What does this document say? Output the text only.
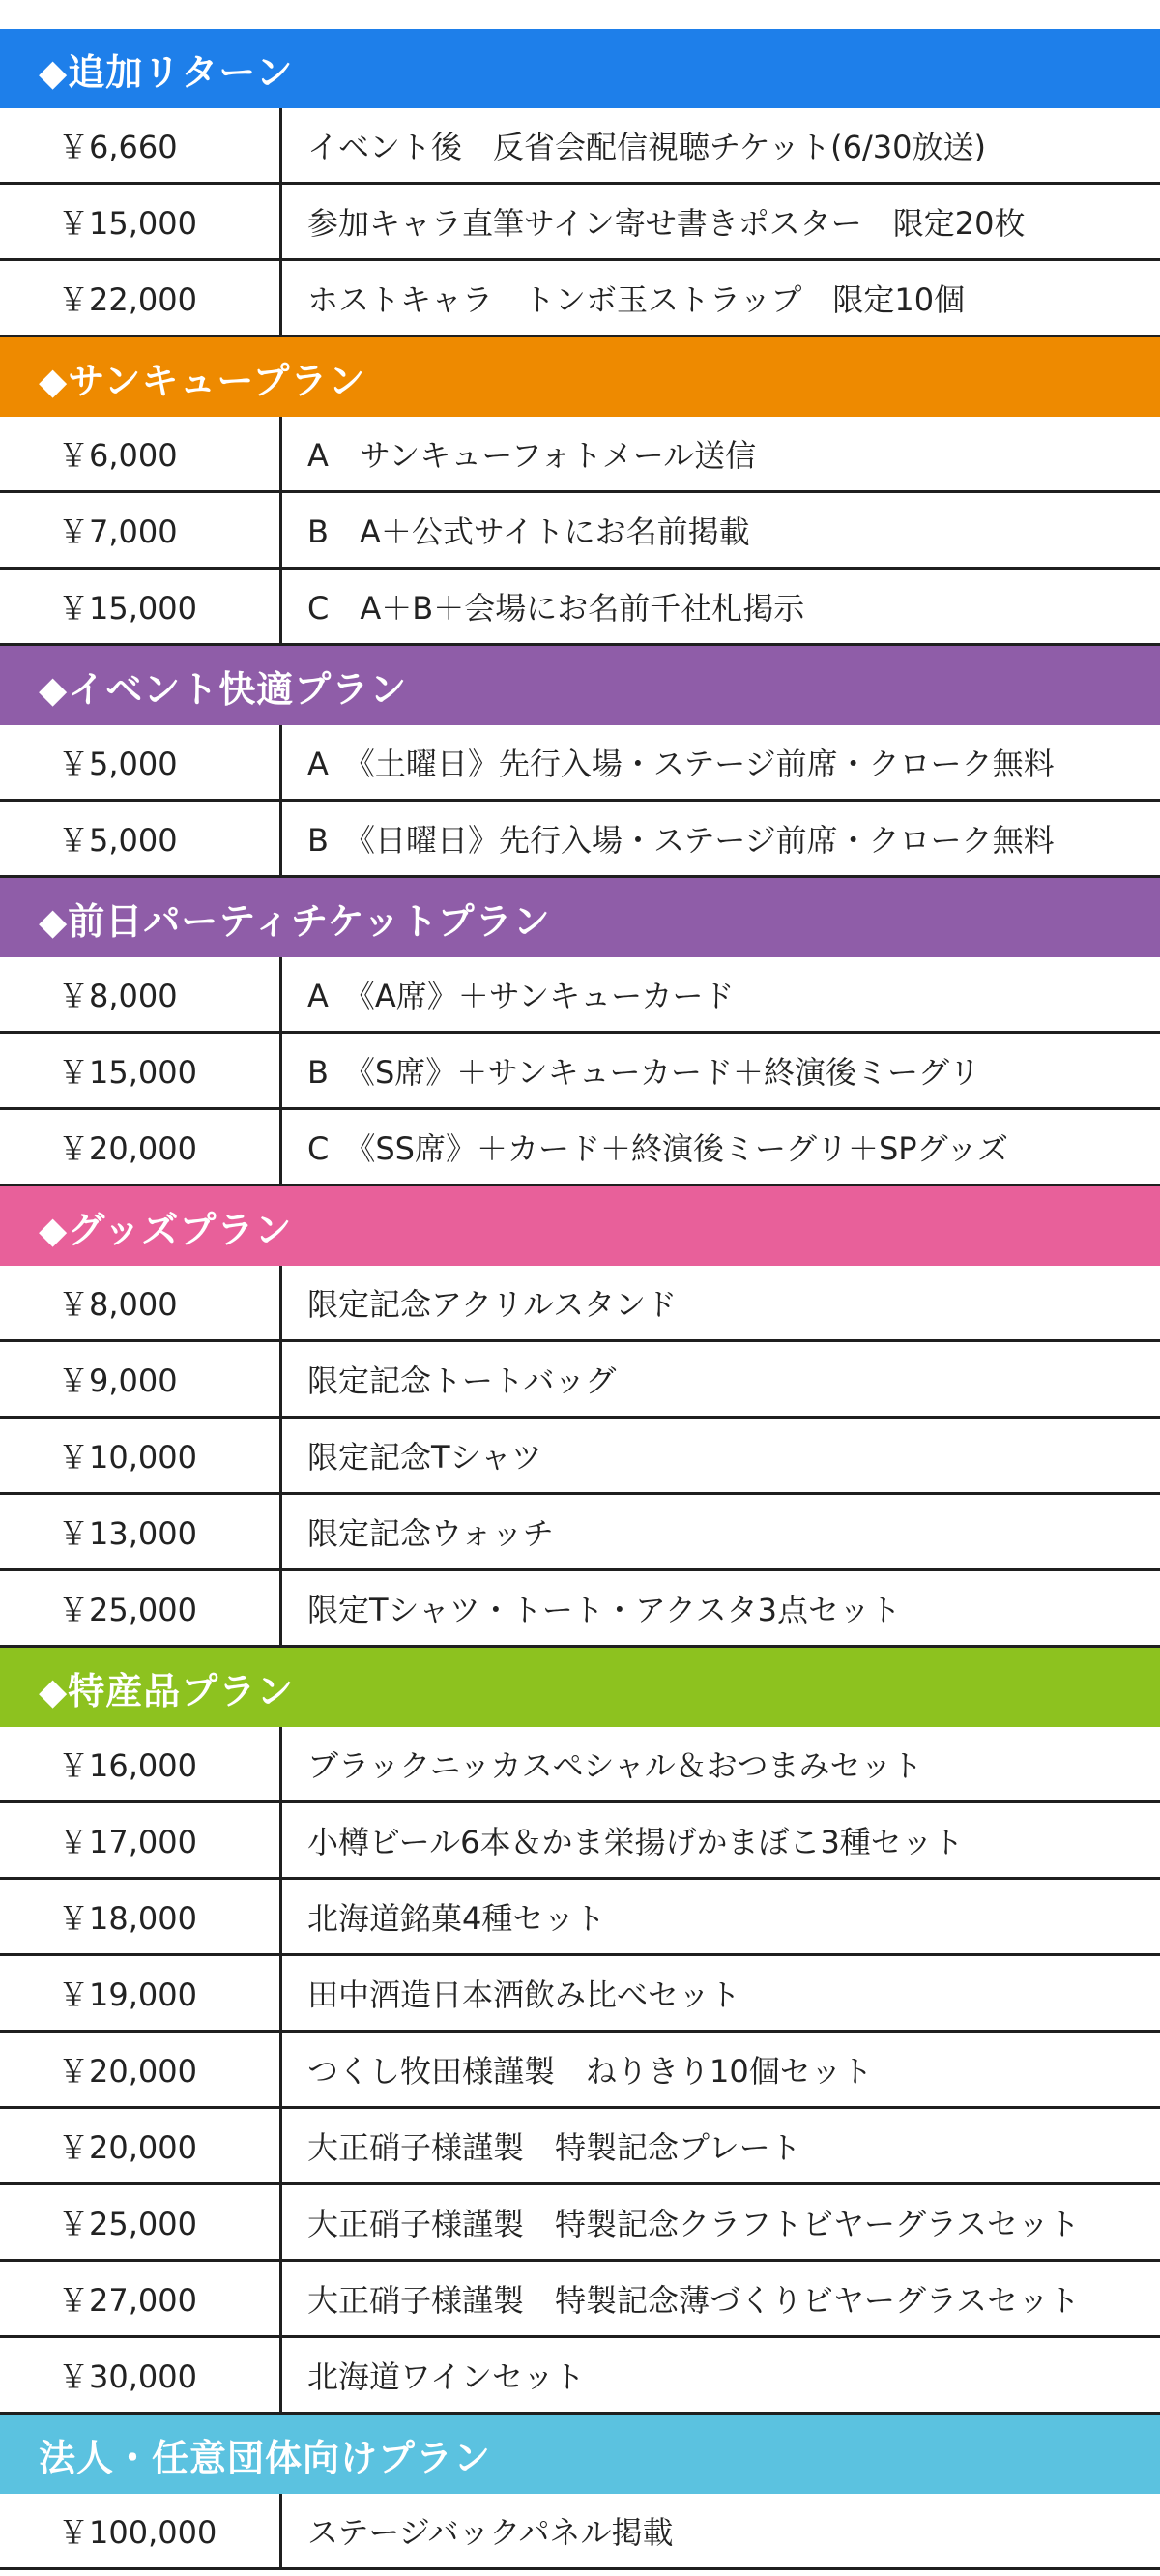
◆追加リターン
￥6,660	イベント後　反省会配信視聴チケット(6/30放送)
￥15,000	参加キャラ直筆サイン寄せ書きポスター　限定20枚
￥22,000	ホストキャラ　トンボ玉ストラップ　限定10個
◆サンキュープラン
￥6,000	A　サンキューフォトメール送信
￥7,000	B　A＋公式サイトにお名前掲載
￥15,000	C　A＋B＋会場にお名前千社札掲示
◆イベント快適プラン
￥5,000	A　《土曜日》先行入場・ステージ前席・クローク無料
￥5,000	B　《日曜日》先行入場・ステージ前席・クローク無料
◆前日パーティチケットプラン
￥8,000	A　《A席》＋サンキューカード
￥15,000	B　《S席》＋サンキューカード＋終演後ミーグリ
￥20,000	C　《SS席》＋カード＋終演後ミーグリ＋SPグッズ
◆グッズプラン
￥8,000	限定記念アクリルスタンド
￥9,000	限定記念トートバッグ
￥10,000	限定記念Tシャツ
￥13,000	限定記念ウォッチ
￥25,000	限定Tシャツ・トート・アクスタ3点セット
◆特産品プラン
￥16,000	ブラックニッカスペシャル＆おつまみセット
￥17,000	小樽ビール6本＆かま栄揚げかまぼこ3種セット
￥18,000	北海道銘菓4種セット
￥19,000	田中酒造日本酒飲み比べセット
￥20,000	つくし牧田様謹製　ねりきり10個セット
￥20,000	大正硝子様謹製　特製記念プレート
￥25,000	大正硝子様謹製　特製記念クラフトビヤーグラスセット
￥27,000	大正硝子様謹製　特製記念薄づくりビヤーグラスセット
￥30,000	北海道ワインセット
法人・任意団体向けプラン
￥100,000	ステージバックパネル掲載
